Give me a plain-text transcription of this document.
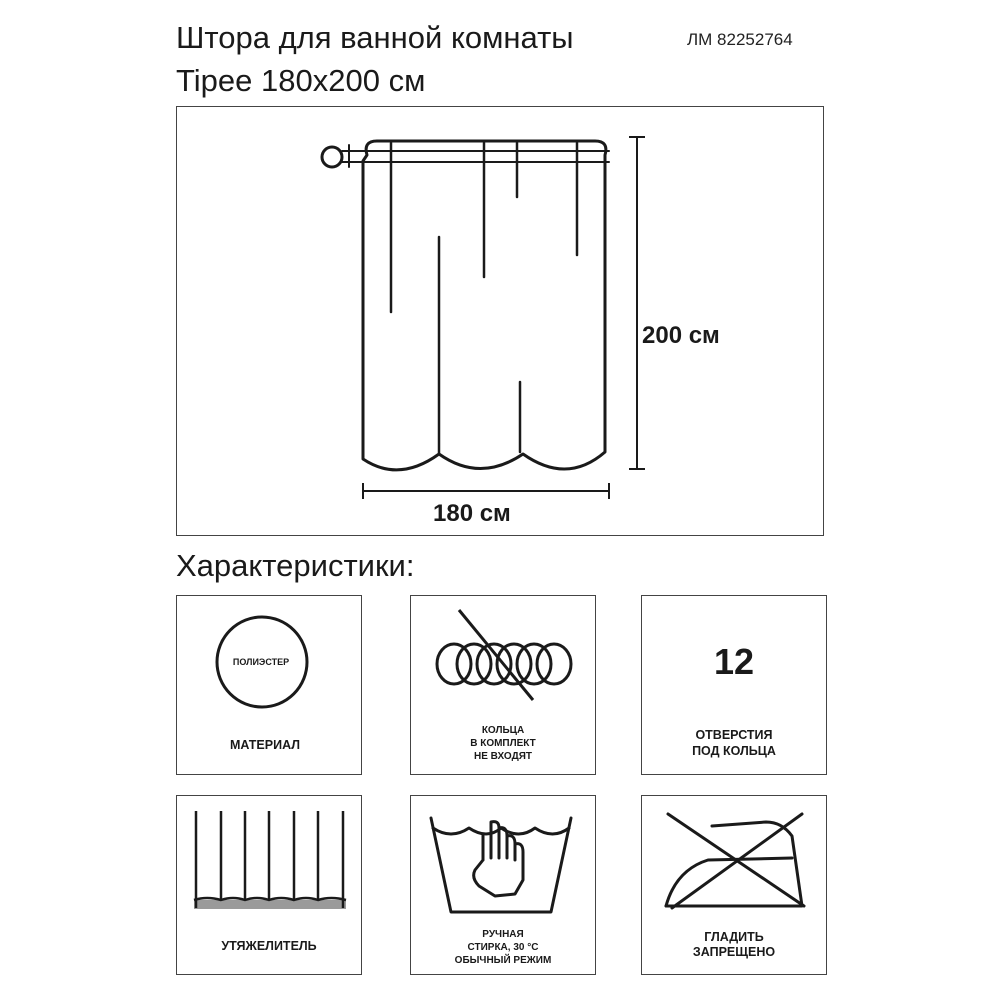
Штора для ванной комнаты	ЛМ 82252764
Tipee 180x200 см
200 см
180 см
Характеристики:
ПОЛИЭСТЕР
МАТЕРИАЛ
КОЛЬЦА
В КОМПЛЕКТ
НЕ ВХОДЯТ
12
ОТВЕРСТИЯ
ПОД КОЛЬЦА
УТЯЖЕЛИТЕЛЬ
РУЧНАЯ
СТИРКА, 30 °C
ОБЫЧНЫЙ РЕЖИМ
ГЛАДИТЬ
ЗАПРЕЩЕНО
